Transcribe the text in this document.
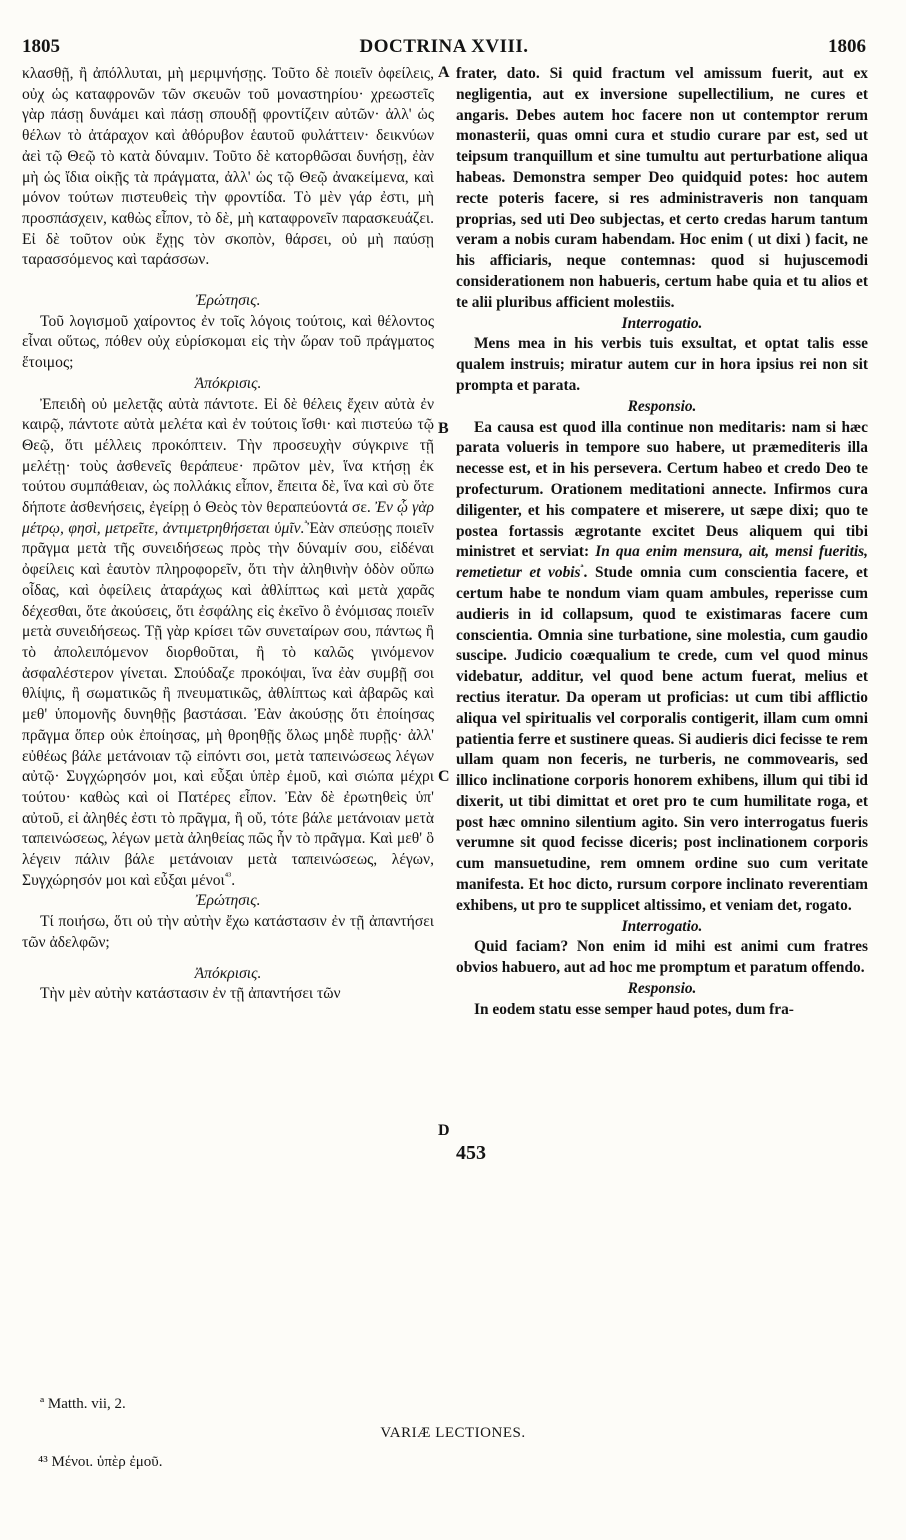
1805	DOCTRINA XVIII.	1806

κλασθῇ, ἢ ἀπόλλυται, μὴ μεριμνήσῃς. Τοῦτο δὲ ποιεῖν ὀφείλεις, οὐχ ὡς καταφρονῶν τῶν σκευῶν τοῦ μοναστηρίου· χρεωστεῖς γὰρ πάσῃ δυνάμει καὶ πάσῃ σπουδῇ φροντίζειν αὐτῶν· ἀλλ' ὡς θέλων τὸ ἀτάραχον καὶ ἀθόρυβον ἑαυτοῦ φυλάττειν· δεικνύων ἀεὶ τῷ Θεῷ τὸ κατὰ δύναμιν. Τοῦτο δὲ κατορθῶσαι δυνήσῃ, ἐὰν μὴ ὡς ἴδια οἰκῇς τὰ πράγματα, ἀλλ' ὡς τῷ Θεῷ ἀνακείμενα, καὶ μόνον τούτων πιστευθεὶς τὴν φροντίδα. Τὸ μὲν γάρ ἐστι, μὴ προσπάσχειν, καθὼς εἶπον, τὸ δὲ, μὴ καταφρονεῖν παρασκευάζει. Εἰ δὲ τοῦτον οὐκ ἔχῃς τὸν σκοπὸν, θάρσει, οὐ μὴ παύσῃ ταρασσόμενος καὶ ταράσσων.

Ἐρώτησις.

Τοῦ λογισμοῦ χαίροντος ἐν τοῖς λόγοις τούτοις, καὶ θέλοντος εἶναι οὕτως, πόθεν οὐχ εὑρίσκομαι εἰς τὴν ὥραν τοῦ πράγματος ἕτοιμος;

Ἀπόκρισις.

Ἐπειδὴ οὐ μελετᾷς αὐτὰ πάντοτε. Εἰ δὲ θέλεις ἔχειν αὐτὰ ἐν καιρῷ, πάντοτε αὐτὰ μελέτα καὶ ἐν τούτοις ἴσθι· καὶ πιστεύω τῷ Θεῷ, ὅτι μέλλεις προκόπτειν. Τὴν προσευχὴν σύγκρινε τῇ μελέτῃ· τοὺς ἀσθενεῖς θεράπευε· πρῶτον μὲν, ἵνα κτήσῃ ἐκ τούτου συμπάθειαν, ὡς πολλάκις εἶπον, ἔπειτα δὲ, ἵνα καὶ σὺ ὅτε δήποτε ἀσθενήσεις, ἐγείρῃ ὁ Θεὸς τὸν θεραπεύοντά σε. Ἐν ᾧ γὰρ μέτρῳ, φησὶ, μετρεῖτε, ἀντιμετρηθήσεται ὑμῖν.$^ª$Ἐὰν σπεύσῃς ποιεῖν πρᾶγμα μετὰ τῆς συνειδήσεως πρὸς τὴν δύναμίν σου, εἰδέναι ὀφείλεις καὶ ἑαυτὸν πληροφορεῖν, ὅτι τὴν ἀληθινὴν ὁδὸν οὔπω οἶδας, καὶ ὀφείλεις ἀταράχως καὶ ἀθλίπτως καὶ μετὰ χαρᾶς δέχεσθαι, ὅτε ἀκούσεις, ὅτι ἐσφάλης εἰς ἐκεῖνο ὃ ἐνόμισας ποιεῖν μετὰ συνειδήσεως. Τῇ γὰρ κρίσει τῶν συνεταίρων σου, πάντως ἢ τὸ ἀπολειπόμενον διορθοῦται, ἢ τὸ καλῶς γινόμενον ἀσφαλέστερον γίνεται. Σπούδαζε προκόψαι, ἵνα ἐὰν συμβῇ σοι θλίψις, ἢ σωματικῶς ἢ πνευματικῶς, ἀθλίπτως καὶ ἀβαρῶς καὶ μεθ' ὑπομονῆς δυνηθῇς βαστάσαι. Ἐὰν ἀκούσῃς ὅτι ἐποίησας πρᾶγμα ὅπερ οὐκ ἐποίησας, μὴ θροηθῇς ὅλως μηδὲ πυρῇς· ἀλλ' εὐθέως βάλε μετάνοιαν τῷ εἰπόντι σοι, μετὰ ταπεινώσεως λέγων αὐτῷ· Συγχώρησόν μοι, καὶ εὖξαι ὑπὲρ ἐμοῦ, καὶ σιώπα μέχρι τούτου· καθὼς καὶ οἱ Πατέρες εἶπον. Ἐὰν δὲ ἐρωτηθεὶς ὑπ' αὐτοῦ, εἰ ἀληθές ἐστι τὸ πρᾶγμα, ἢ οὔ, τότε βάλε μετάνοιαν μετὰ ταπεινώσεως, λέγων μετὰ ἀληθείας πῶς ἦν τὸ πρᾶγμα. Καὶ μεθ' ὃ λέγειν πάλιν βάλε μετάνοιαν μετὰ ταπεινώσεως, λέγων, Συγχώρησόν μοι καὶ εὖξαι μένοι$^{^{43}}$.

Ἐρώτησις.

Τί ποιήσω, ὅτι οὐ τὴν αὐτὴν ἔχω κατάστασιν ἐν τῇ ἀπαντήσει τῶν ἀδελφῶν;

Ἀπόκρισις.

Τὴν μὲν αὐτὴν κατάστασιν ἐν τῇ ἀπαντήσει τῶν

A
B
C
D
453

frater, dato. Si quid fractum vel amissum fuerit, aut ex negligentia, aut ex inversione supellectilium, ne cures et angaris. Debes autem hoc facere non ut contemptor rerum monasterii, quas omni cura et studio curare par est, sed ut teipsum tranquillum et sine tumultu aut perturbatione aliqua habeas. Demonstra semper Deo quidquid potes: hoc autem recte poteris facere, si res administraveris non tanquam proprias, sed uti Deo subjectas, et certo credas harum tantum veram a nobis curam habendam. Hoc enim ( ut dixi ) facit, ne his afficiaris, neque contemnas: quod si hujuscemodi considerationem non habueris, certum habe quia et tu alios et te alii pluribus afficient molestiis.

Interrogatio.

Mens mea in his verbis tuis exsultat, et optat talis esse qualem instruis; miratur autem cur in hora ipsius rei non sit prompta et parata.

Responsio.

Ea causa est quod illa continue non meditaris: nam si hæc parata volueris in tempore suo habere, ut præmediteris illa necesse est, et in his persevera. Certum habeo et credo Deo te profecturum. Orationem meditationi annecte. Infirmos cura diligenter, et his compatere et miserere, ut sæpe dixi; quo te postea fortassis ægrotante excitet Deus aliquem qui tibi ministret et serviat: In qua enim mensura, ait, mensi fueritis, remetietur et vobis$^ª$. Stude omnia cum conscientia facere, et certum habe te nondum viam quam ambules, reperisse cum audieris in id collapsum, quod te existimaras facere cum conscientia. Omnia sine turbatione, sine molestia, cum gaudio suscipe. Judicio coæqualium te crede, cum vel quod minus videbatur, additur, vel quod bene actum fuerat, melius et rectius iteratur. Da operam ut proficias: ut cum tibi afflictio aliqua vel spiritualis vel corporalis contigerit, illam cum omni patientia ferre et sustinere queas. Si audieris dici fecisse te rem ullam quam non feceris, ne turberis, ne commovearis, sed illico inclinatione corporis honorem exhibens, illum qui tibi id dixerit, ut tibi dimittat et oret pro te cum humilitate roga, et post hæc omnino silentium agito. Sin vero interrogatus fueris verumne sit quod fecisse diceris; post inclinationem corporis cum mansuetudine, rem omnem ordine suo cum veritate manifesta. Et hoc dicto, rursum corpore inclinato reverentiam exhibens, ut pro te supplicet altissimo, et veniam det, rogato.

Interrogatio.

Quid faciam? Non enim id mihi est animi cum fratres obvios habuero, aut ad hoc me promptum et paratum offendo.

Responsio.

In eodem statu esse semper haud potes, dum fra-

ª Matth. vii, 2.
VARIÆ LECTIONES.
⁴³ Μένοι. ὑπὲρ ἐμοῦ.
